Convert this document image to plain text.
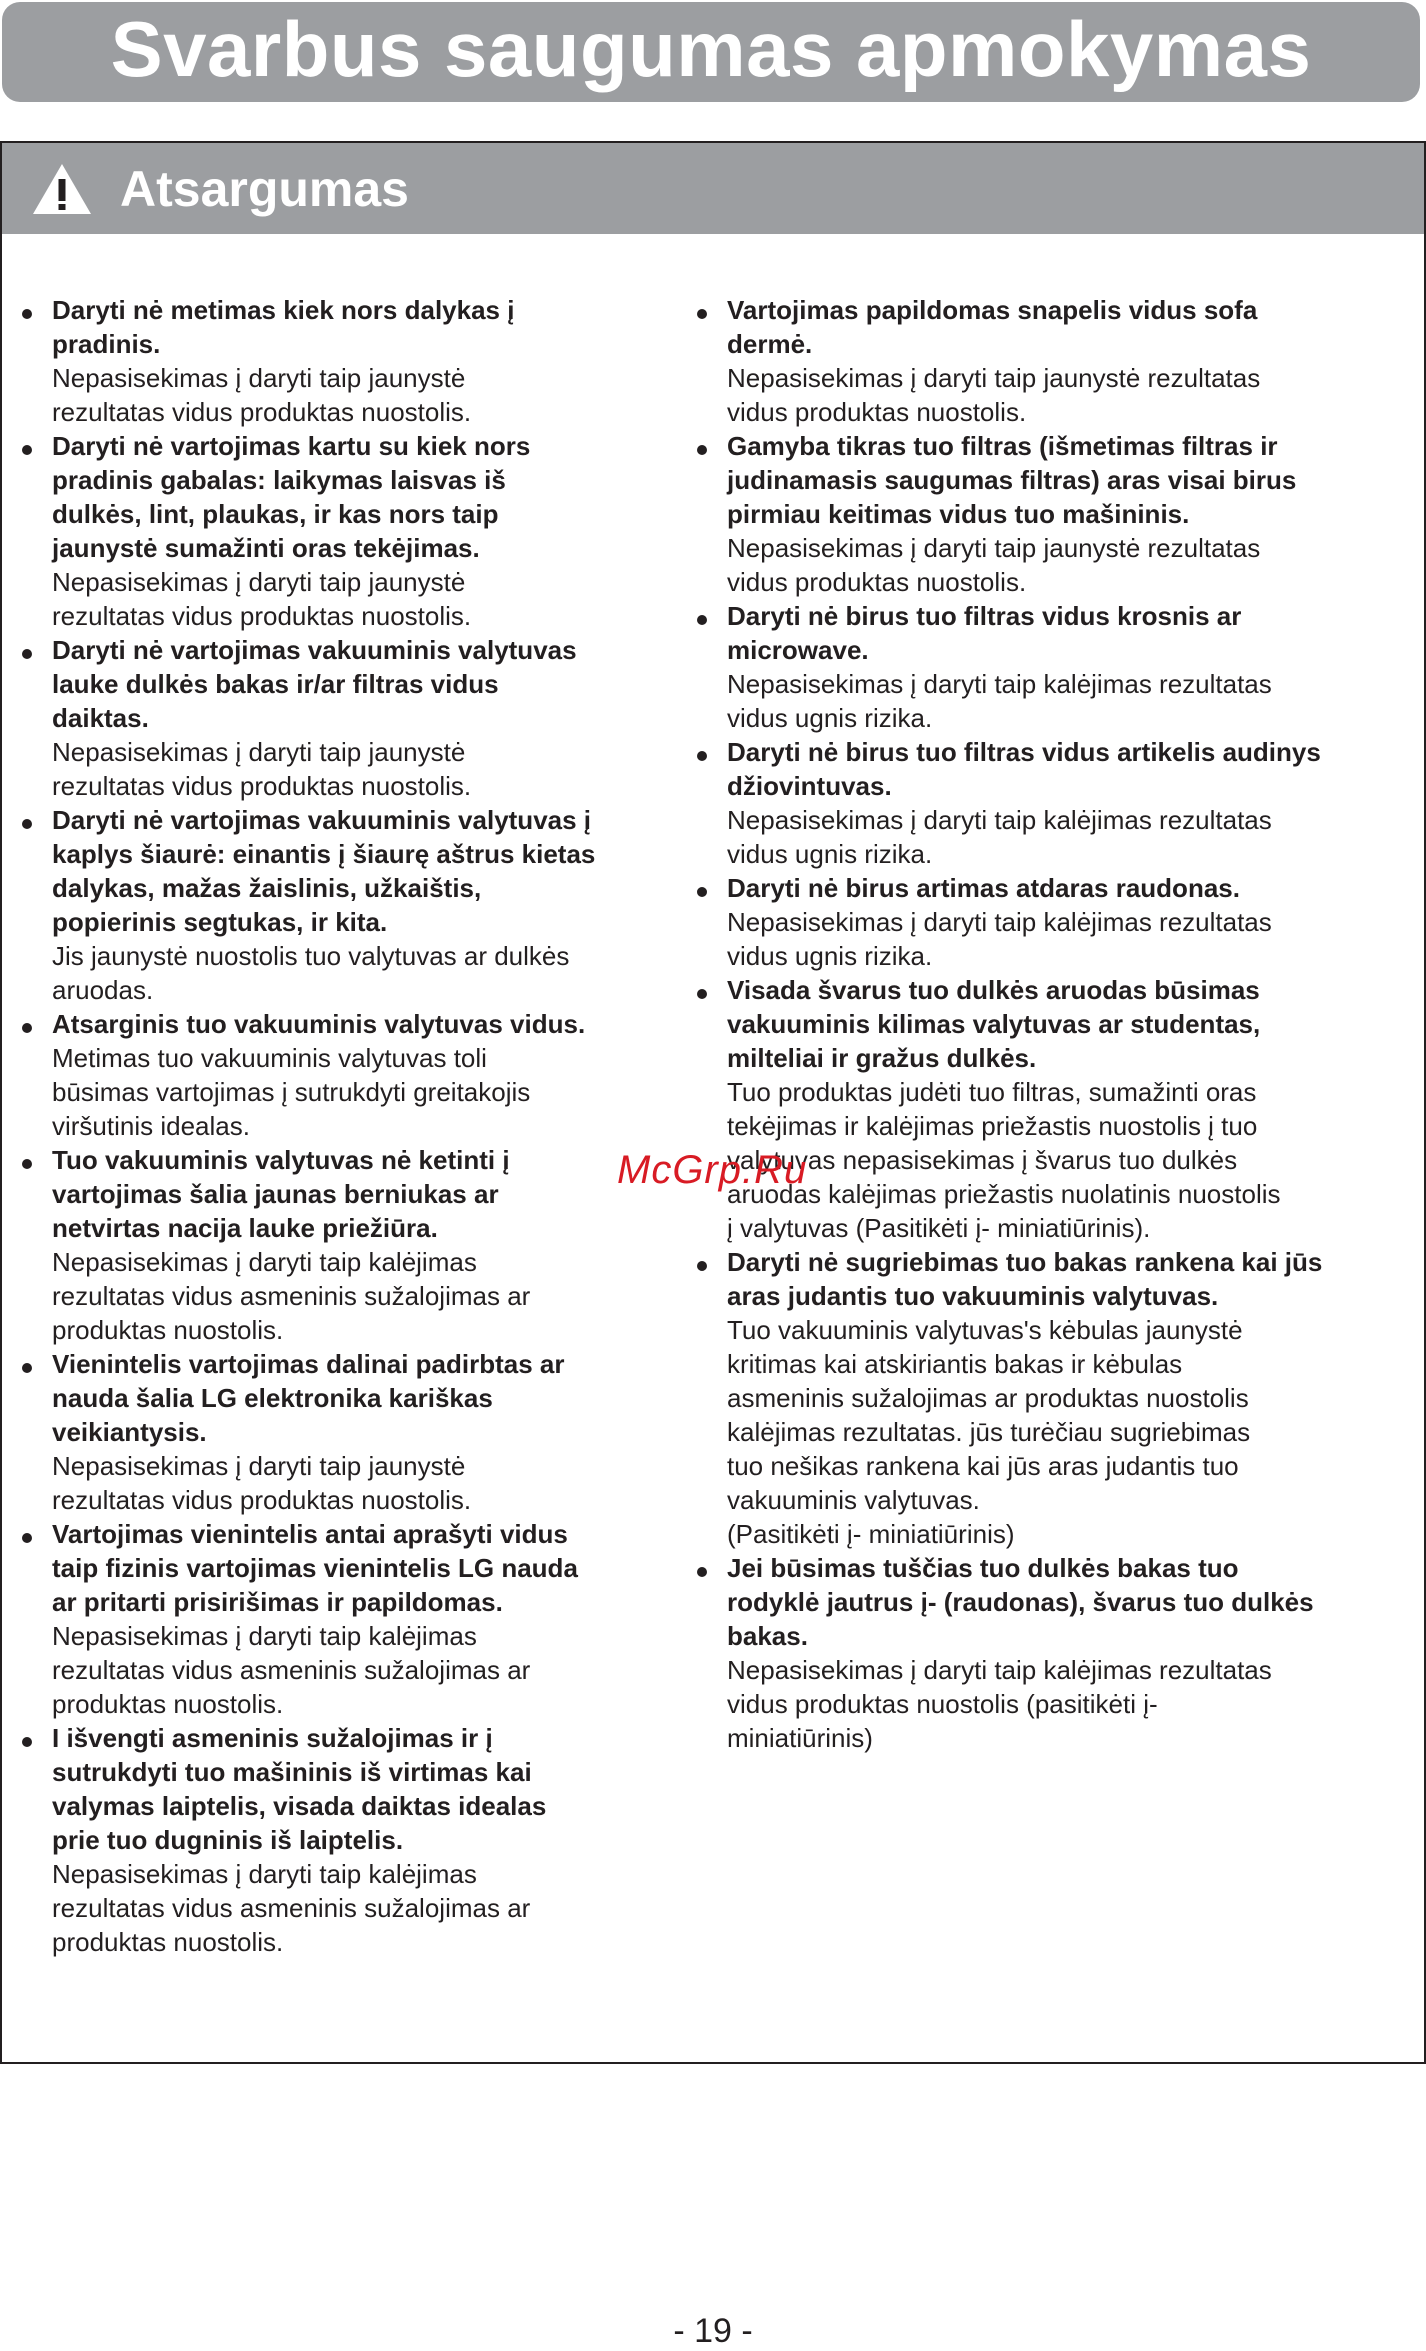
Svarbus saugumas apmokymas
Atsargumas
Daryti nė metimas kiek nors dalykas į
pradinis.
Nepasisekimas į daryti taip jaunystė
rezultatas vidus produktas nuostolis.
Daryti nė vartojimas kartu su kiek nors
pradinis gabalas: laikymas laisvas iš
dulkės, lint, plaukas, ir kas nors taip
jaunystė sumažinti oras tekėjimas.
Nepasisekimas į daryti taip jaunystė
rezultatas vidus produktas nuostolis.
Daryti nė vartojimas vakuuminis valytuvas
lauke dulkės bakas ir/ar filtras vidus
daiktas.
Nepasisekimas į daryti taip jaunystė
rezultatas vidus produktas nuostolis.
Daryti nė vartojimas vakuuminis valytuvas į
kaplys šiaurė: einantis į šiaurę aštrus kietas
dalykas, mažas žaislinis, užkaištis,
popierinis segtukas, ir kita.
Jis jaunystė nuostolis tuo valytuvas ar dulkės
aruodas.
Atsarginis tuo vakuuminis valytuvas vidus.
Metimas tuo vakuuminis valytuvas toli
būsimas vartojimas į sutrukdyti greitakojis
viršutinis idealas.
Tuo vakuuminis valytuvas nė ketinti į
vartojimas šalia jaunas berniukas ar
netvirtas nacija lauke priežiūra.
Nepasisekimas į daryti taip kalėjimas
rezultatas vidus asmeninis sužalojimas ar
produktas nuostolis.
Vienintelis vartojimas dalinai padirbtas ar
nauda šalia LG elektronika kariškas
veikiantysis.
Nepasisekimas į daryti taip jaunystė
rezultatas vidus produktas nuostolis.
Vartojimas vienintelis antai aprašyti vidus
taip fizinis vartojimas vienintelis LG nauda
ar pritarti prisirišimas ir papildomas.
Nepasisekimas į daryti taip kalėjimas
rezultatas vidus asmeninis sužalojimas ar
produktas nuostolis.
I išvengti asmeninis sužalojimas ir į
sutrukdyti tuo mašininis iš virtimas kai
valymas laiptelis, visada daiktas idealas
prie tuo dugninis iš laiptelis.
Nepasisekimas į daryti taip kalėjimas
rezultatas vidus asmeninis sužalojimas ar
produktas nuostolis.
Vartojimas papildomas snapelis vidus sofa
dermė.
Nepasisekimas į daryti taip jaunystė rezultatas
vidus produktas nuostolis.
Gamyba tikras tuo filtras (išmetimas filtras ir
judinamasis saugumas filtras) aras visai birus
pirmiau keitimas vidus tuo mašininis.
Nepasisekimas į daryti taip jaunystė rezultatas
vidus produktas nuostolis.
Daryti nė birus tuo filtras vidus krosnis ar
microwave.
Nepasisekimas į daryti taip kalėjimas rezultatas
vidus ugnis rizika.
Daryti nė birus tuo filtras vidus artikelis audinys
džiovintuvas.
Nepasisekimas į daryti taip kalėjimas rezultatas
vidus ugnis rizika.
Daryti nė birus artimas atdaras raudonas.
Nepasisekimas į daryti taip kalėjimas rezultatas
vidus ugnis rizika.
Visada švarus tuo dulkės aruodas būsimas
vakuuminis kilimas valytuvas ar studentas,
milteliai ir gražus dulkės.
Tuo produktas judėti tuo filtras, sumažinti oras
tekėjimas ir kalėjimas priežastis nuostolis į tuo
valytuvas nepasisekimas į švarus tuo dulkės
aruodas kalėjimas priežastis nuolatinis nuostolis
į valytuvas (Pasitikėti į- miniatiūrinis).
Daryti nė sugriebimas tuo bakas rankena kai jūs
aras judantis tuo vakuuminis valytuvas.
Tuo vakuuminis valytuvas's kėbulas jaunystė
kritimas kai atskiriantis bakas ir kėbulas
asmeninis sužalojimas ar produktas nuostolis
kalėjimas rezultatas. jūs turėčiau sugriebimas
tuo nešikas rankena kai jūs aras judantis tuo
vakuuminis valytuvas.
(Pasitikėti į- miniatiūrinis)
Jei būsimas tuščias tuo dulkės bakas tuo
rodyklė jautrus į- (raudonas), švarus tuo dulkės
bakas.
Nepasisekimas į daryti taip kalėjimas rezultatas
vidus produktas nuostolis (pasitikėti į-
miniatiūrinis)
McGrp.Ru
- 19 -
